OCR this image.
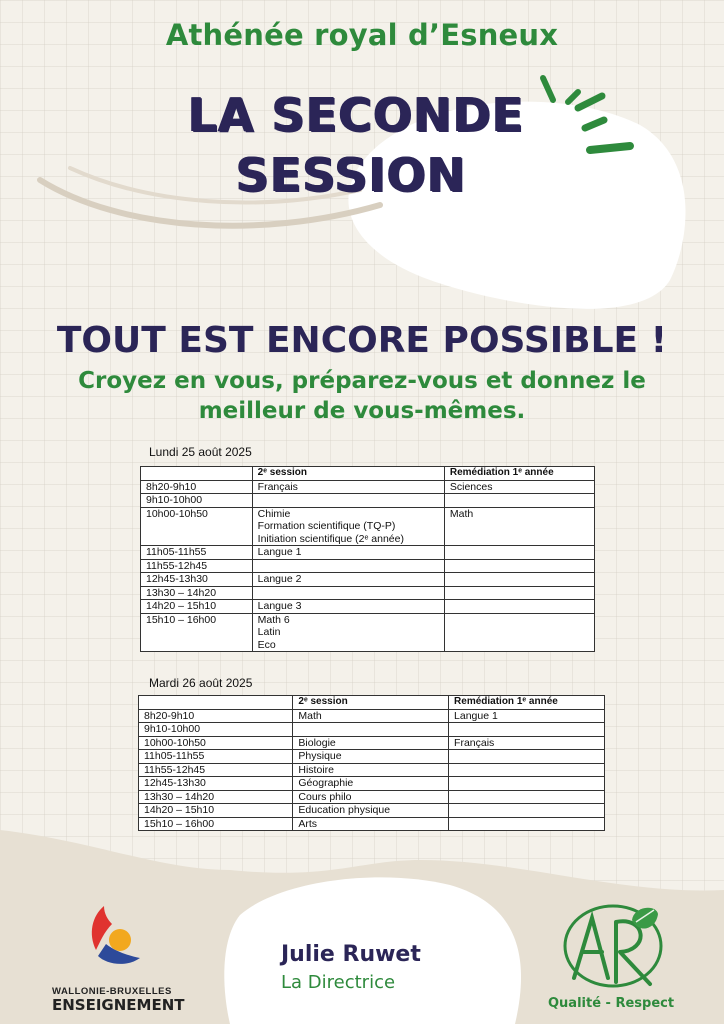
Athénée royal d’Esneux
LA SECONDE
SESSION
TOUT EST ENCORE POSSIBLE !
Croyez en vous, préparez-vous et donnez le meilleur de vous-mêmes.
Lundi 25 août 2025
	2ᵉ session	Remédiation 1ᵉ année
8h20-9h10	Français	Sciences
9h10-10h00		
10h00-10h50	Chimie
Formation scientifique (TQ-P)
Initiation scientifique (2ᵉ année)	Math
11h05-11h55	Langue 1	
11h55-12h45		
12h45-13h30	Langue 2	
13h30 – 14h20		
14h20 – 15h10	Langue 3	
15h10 – 16h00	Math 6
Latin
Eco	

Mardi 26 août 2025
	2ᵉ session	Remédiation 1ᵉ année
8h20-9h10	Math	Langue 1
9h10-10h00		
10h00-10h50	Biologie	Français
11h05-11h55	Physique	
11h55-12h45	Histoire	
12h45-13h30	Géographie	
13h30 – 14h20	Cours philo	
14h20 – 15h10	Education physique	
15h10 – 16h00	Arts	
WALLONIE-BRUXELLES
ENSEIGNEMENT
Julie Ruwet
La Directrice
Qualité - Respect
